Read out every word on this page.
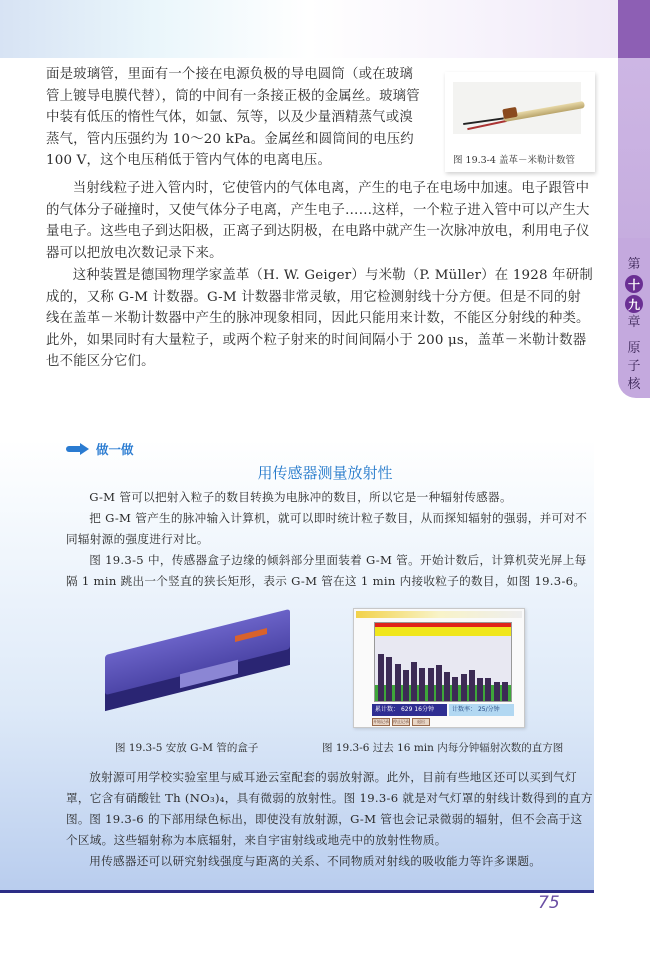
第
十
九
章
原
子
核
面是玻璃管，里面有一个接在电源负极的导电圆筒（或在玻璃管上镀导电膜代替），筒的中间有一条接正极的金属丝。玻璃管中装有低压的惰性气体，如氩、氖等，以及少量酒精蒸气或溴蒸气，管内压强约为 10～20 kPa。金属丝和圆筒间的电压约 100 V，这个电压稍低于管内气体的电离电压。	图 19.3-4 盖革－米勒计数管
当射线粒子进入管内时，它使管内的气体电离，产生的电子在电场中加速。电子跟管中的气体分子碰撞时，又使气体分子电离，产生电子……这样，一个粒子进入管中可以产生大量电子。这些电子到达阳极，正离子到达阴极，在电路中就产生一次脉冲放电，利用电子仪器可以把放电次数记录下来。
这种装置是德国物理学家盖革（H. W. Geiger）与米勒（P. Müller）在 1928 年研制成的，又称 G-M 计数器。G-M 计数器非常灵敏，用它检测射线十分方便。但是不同的射线在盖革－米勒计数器中产生的脉冲现象相同，因此只能用来计数，不能区分射线的种类。此外，如果同时有大量粒子，或两个粒子射来的时间间隔小于 200 μs，盖革－米勒计数器也不能区分它们。
做一做
用传感器测量放射性
G-M 管可以把射入粒子的数目转换为电脉冲的数目，所以它是一种辐射传感器。
把 G-M 管产生的脉冲输入计算机，就可以即时统计粒子数目，从而探知辐射的强弱，并可对不同辐射源的强度进行对比。
图 19.3-5 中，传感器盒子边缘的倾斜部分里面装着 G-M 管。开始计数后，计算机荧光屏上每隔 1 min 跳出一个竖直的狭长矩形，表示 G-M 管在这 1 min 内接收粒子的数目，如图 19.3-6。
累计数： 629 16分钟	计数率： 25/分钟
开始记录 停止记录	退出
图 19.3-5 安放 G-M 管的盒子	图 19.3-6 过去 16 min 内每分钟辐射次数的直方图
放射源可用学校实验室里与威耳逊云室配套的弱放射源。此外，目前有些地区还可以买到气灯罩，它含有硝酸钍 Th (NO₃)₄，具有微弱的放射性。图 19.3-6 就是对气灯罩的射线计数得到的直方图。 图 19.3-6 的下部用绿色标出，即使没有放射源，G-M 管也会记录微弱的辐射，但不会高于这个区域。这些辐射称为本底辐射，来自宇宙射线或地壳中的放射性物质。
用传感器还可以研究射线强度与距离的关系、不同物质对射线的吸收能力等许多课题。
75
